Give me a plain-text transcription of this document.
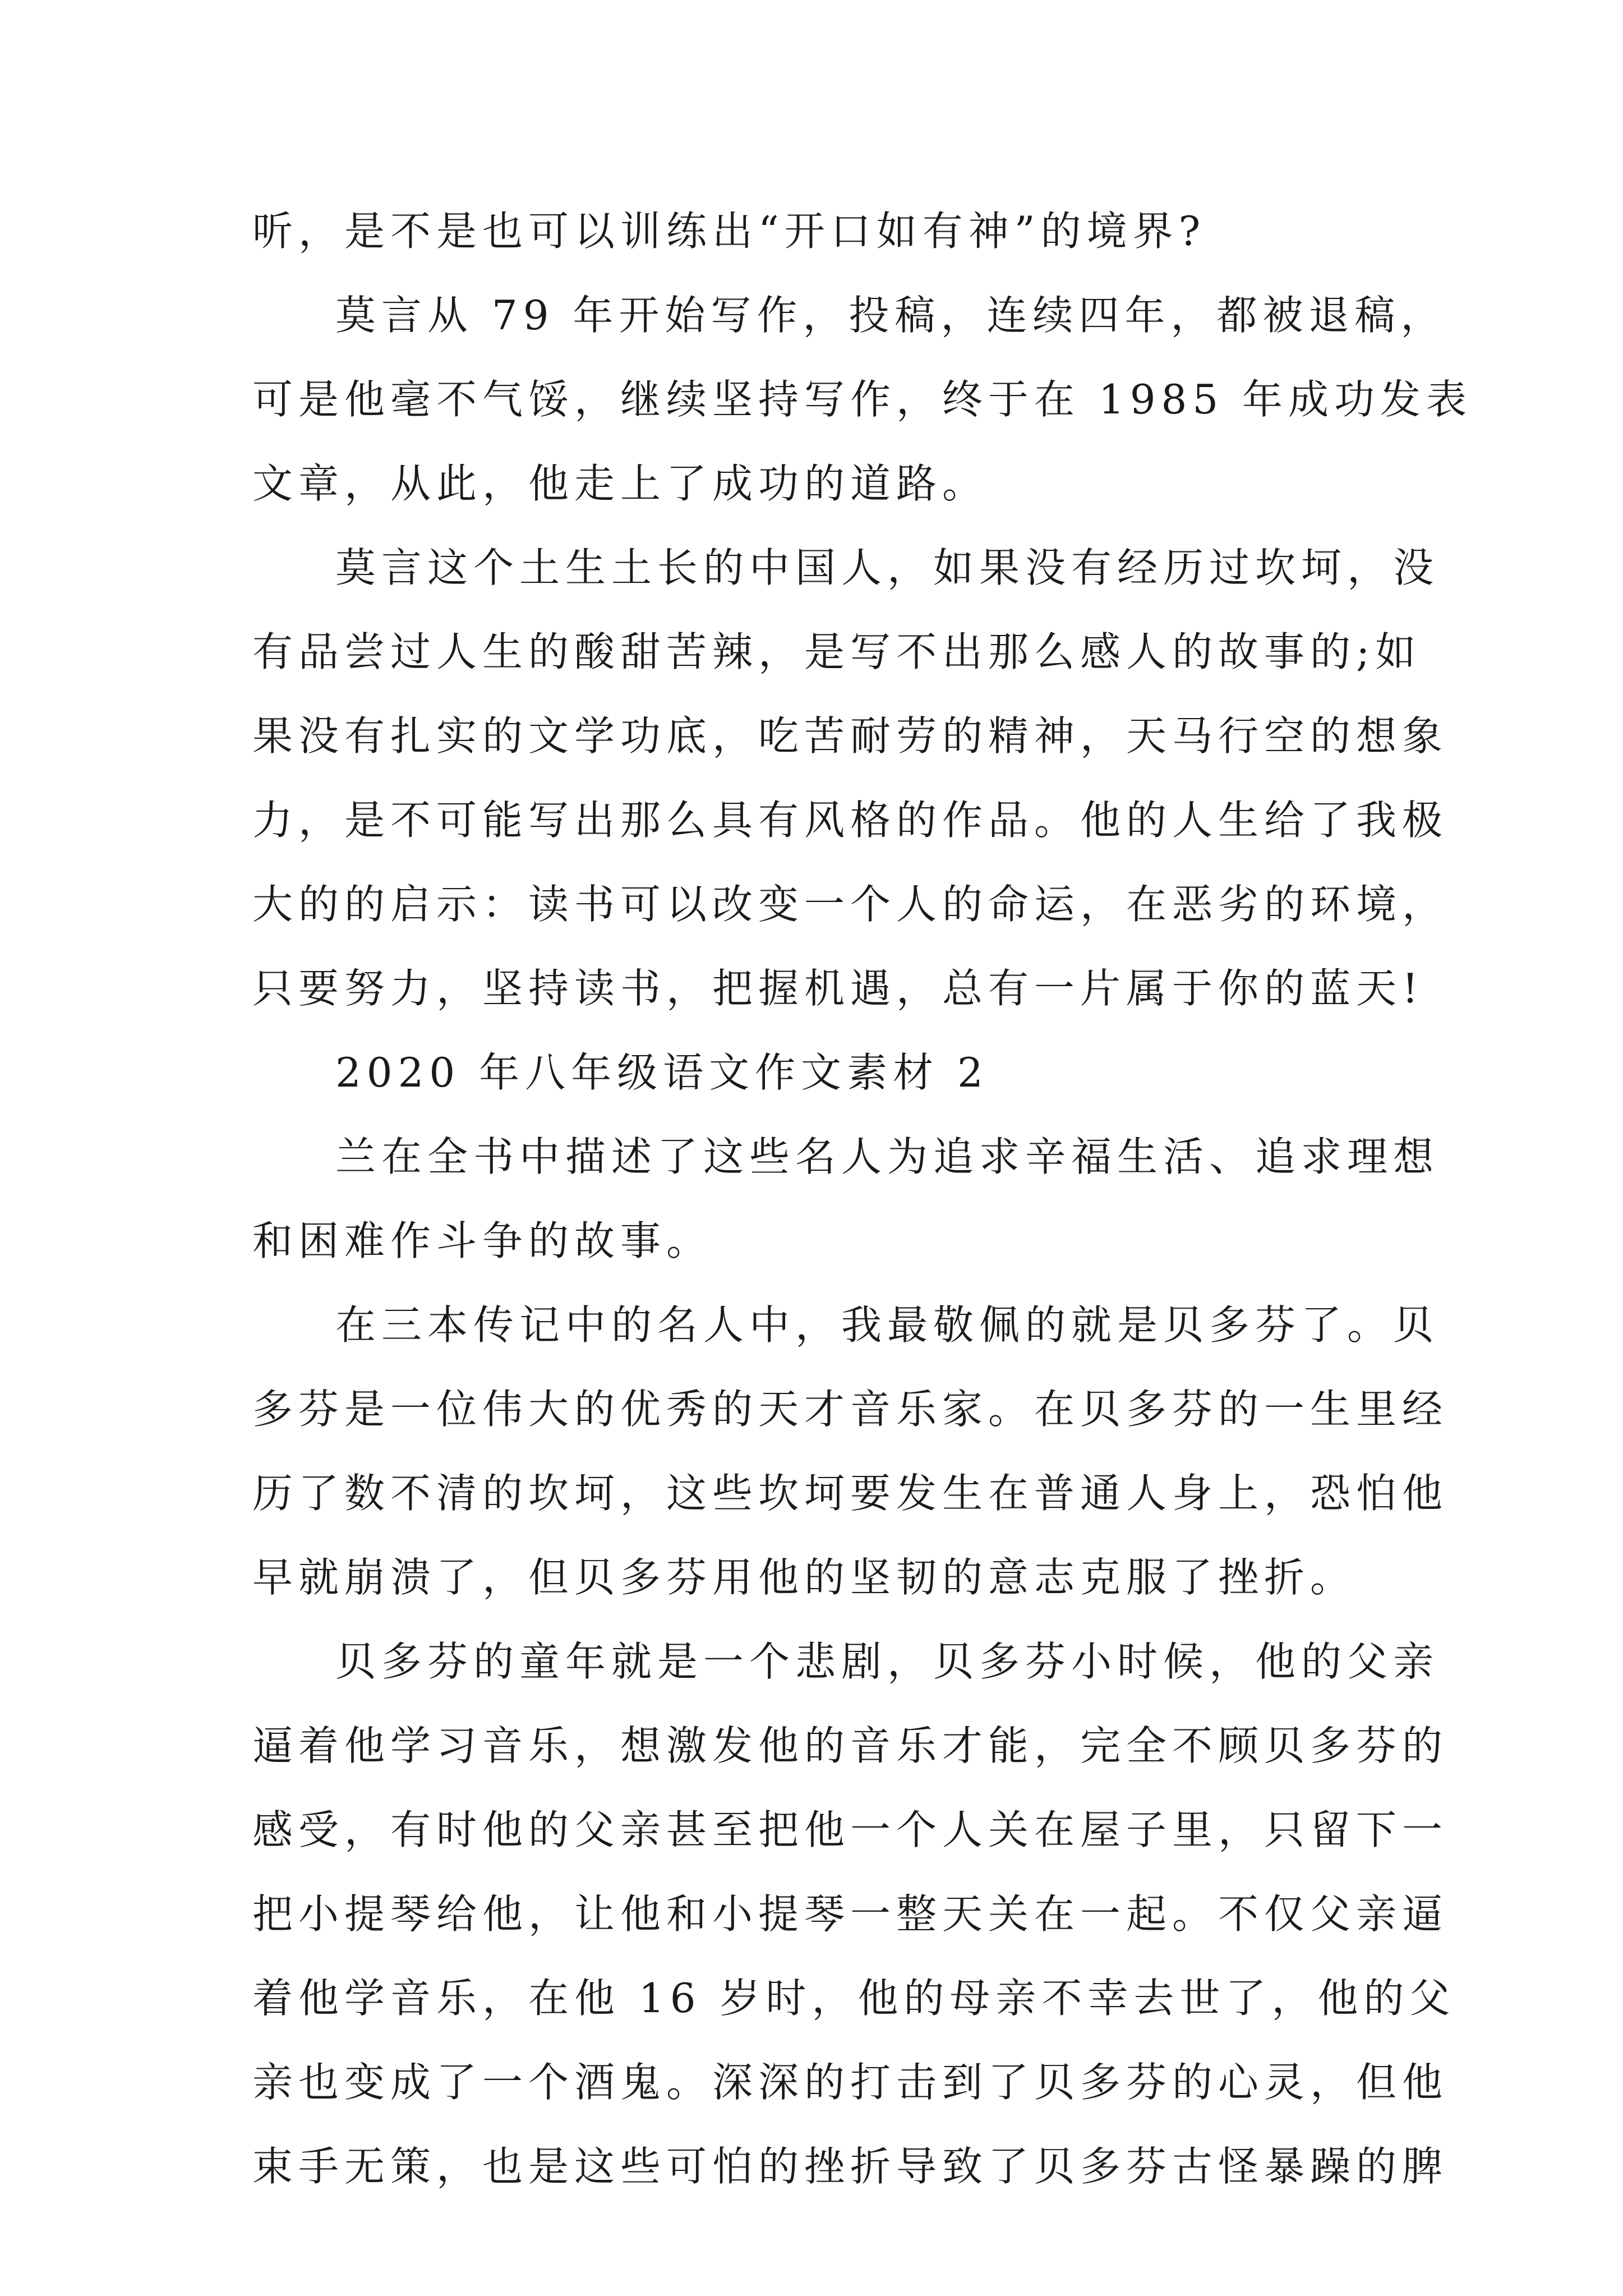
听，是不是也可以训练出“开口如有神”的境界?
莫言从 79 年开始写作，投稿，连续四年，都被退稿，
可是他毫不气馁，继续坚持写作，终于在 1985 年成功发表
文章，从此，他走上了成功的道路。
莫言这个土生土长的中国人，如果没有经历过坎坷，没
有品尝过人生的酸甜苦辣，是写不出那么感人的故事的;如
果没有扎实的文学功底，吃苦耐劳的精神，天马行空的想象
力，是不可能写出那么具有风格的作品。他的人生给了我极
大的的启示：读书可以改变一个人的命运，在恶劣的环境，
只要努力，坚持读书，把握机遇，总有一片属于你的蓝天!
2020 年八年级语文作文素材 2
兰在全书中描述了这些名人为追求辛福生活、追求理想
和困难作斗争的故事。
在三本传记中的名人中，我最敬佩的就是贝多芬了。贝
多芬是一位伟大的优秀的天才音乐家。在贝多芬的一生里经
历了数不清的坎坷，这些坎坷要发生在普通人身上，恐怕他
早就崩溃了，但贝多芬用他的坚韧的意志克服了挫折。
贝多芬的童年就是一个悲剧，贝多芬小时候，他的父亲
逼着他学习音乐，想激发他的音乐才能，完全不顾贝多芬的
感受，有时他的父亲甚至把他一个人关在屋子里，只留下一
把小提琴给他，让他和小提琴一整天关在一起。不仅父亲逼
着他学音乐，在他 16 岁时，他的母亲不幸去世了，他的父
亲也变成了一个酒鬼。深深的打击到了贝多芬的心灵，但他
束手无策，也是这些可怕的挫折导致了贝多芬古怪暴躁的脾
